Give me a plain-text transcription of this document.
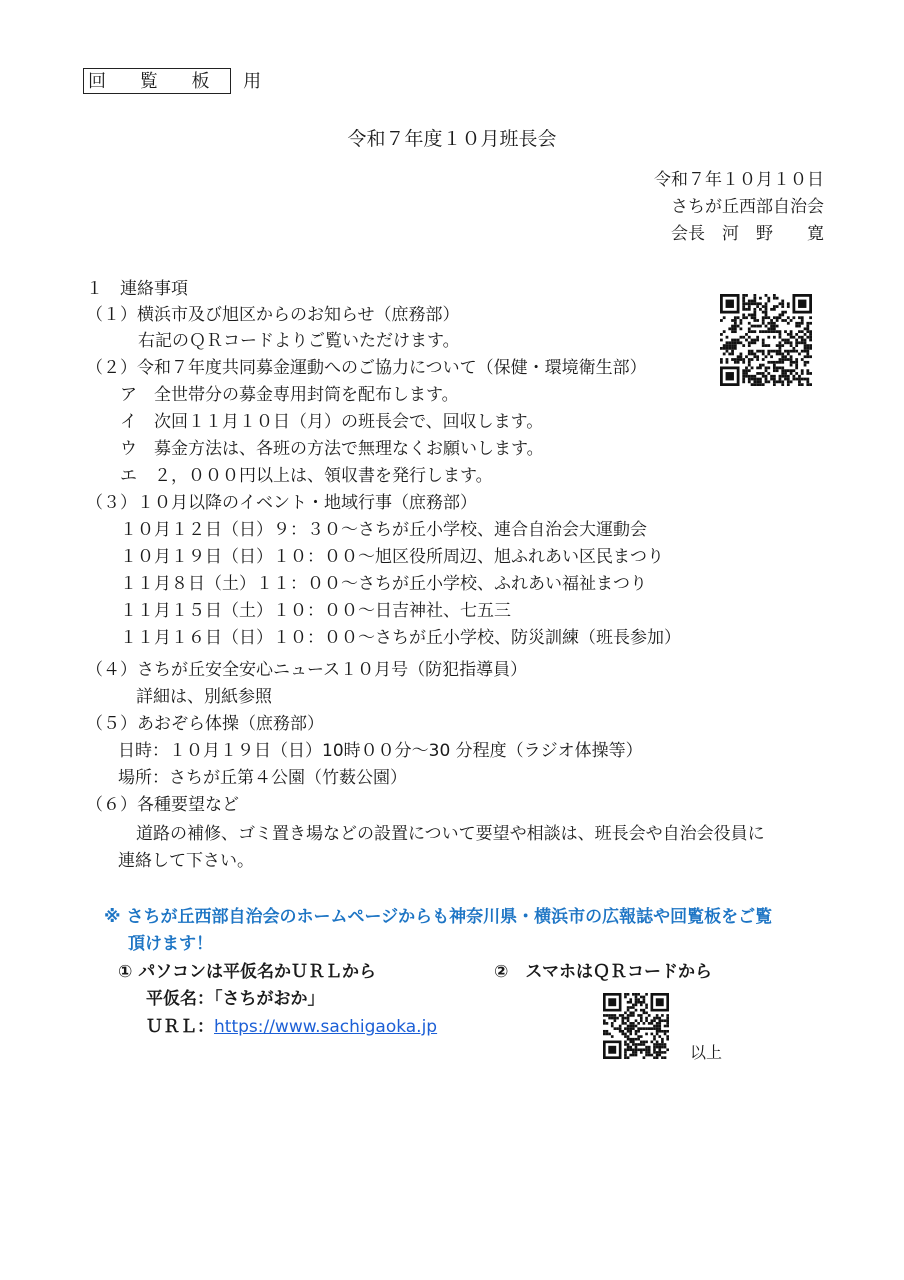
回 覧 板 用
令和７年度１０月班長会
令和７年１０月１０日
さちが丘西部自治会
会長　河　野　　寛
１　連絡事項
（１）横浜市及び旭区からのお知らせ（庶務部）
右記のＱＲコードよりご覧いただけます。
（２）令和７年度共同募金運動へのご協力について（保健・環境衛生部）
ア　全世帯分の募金専用封筒を配布します。
イ　次回１１月１０日（月）の班長会で、回収します。
ウ　募金方法は、各班の方法で無理なくお願いします。
エ　２，０００円以上は、領収書を発行します。
（３）１０月以降のイベント・地域行事（庶務部）
１０月１２日（日）９：３０～さちが丘小学校、連合自治会大運動会
１０月１９日（日）１０：００～旭区役所周辺、旭ふれあい区民まつり
１１月８日（土）１１：００～さちが丘小学校、ふれあい福祉まつり
１１月１５日（土）１０：００～日吉神社、七五三
１１月１６日（日）１０：００～さちが丘小学校、防災訓練（班長参加）
（４）さちが丘安全安心ニュース１０月号（防犯指導員）
詳細は、別紙参照
（５）あおぞら体操（庶務部）
日時：１０月１９日（日）10時００分～30 分程度（ラジオ体操等）
場所：さちが丘第４公園（竹薮公園）
（６）各種要望など
道路の補修、ゴミ置き場などの設置について要望や相談は、班長会や自治会役員に
連絡して下さい。
※ さちが丘西部自治会のホームページからも神奈川県・横浜市の広報誌や回覧板をご覧
頂けます！
① パソコンは平仮名かＵＲＬから	②　スマホはＱＲコードから
平仮名：「さちがおか」
ＵＲＬ：https://www.sachigaoka.jp
以上
